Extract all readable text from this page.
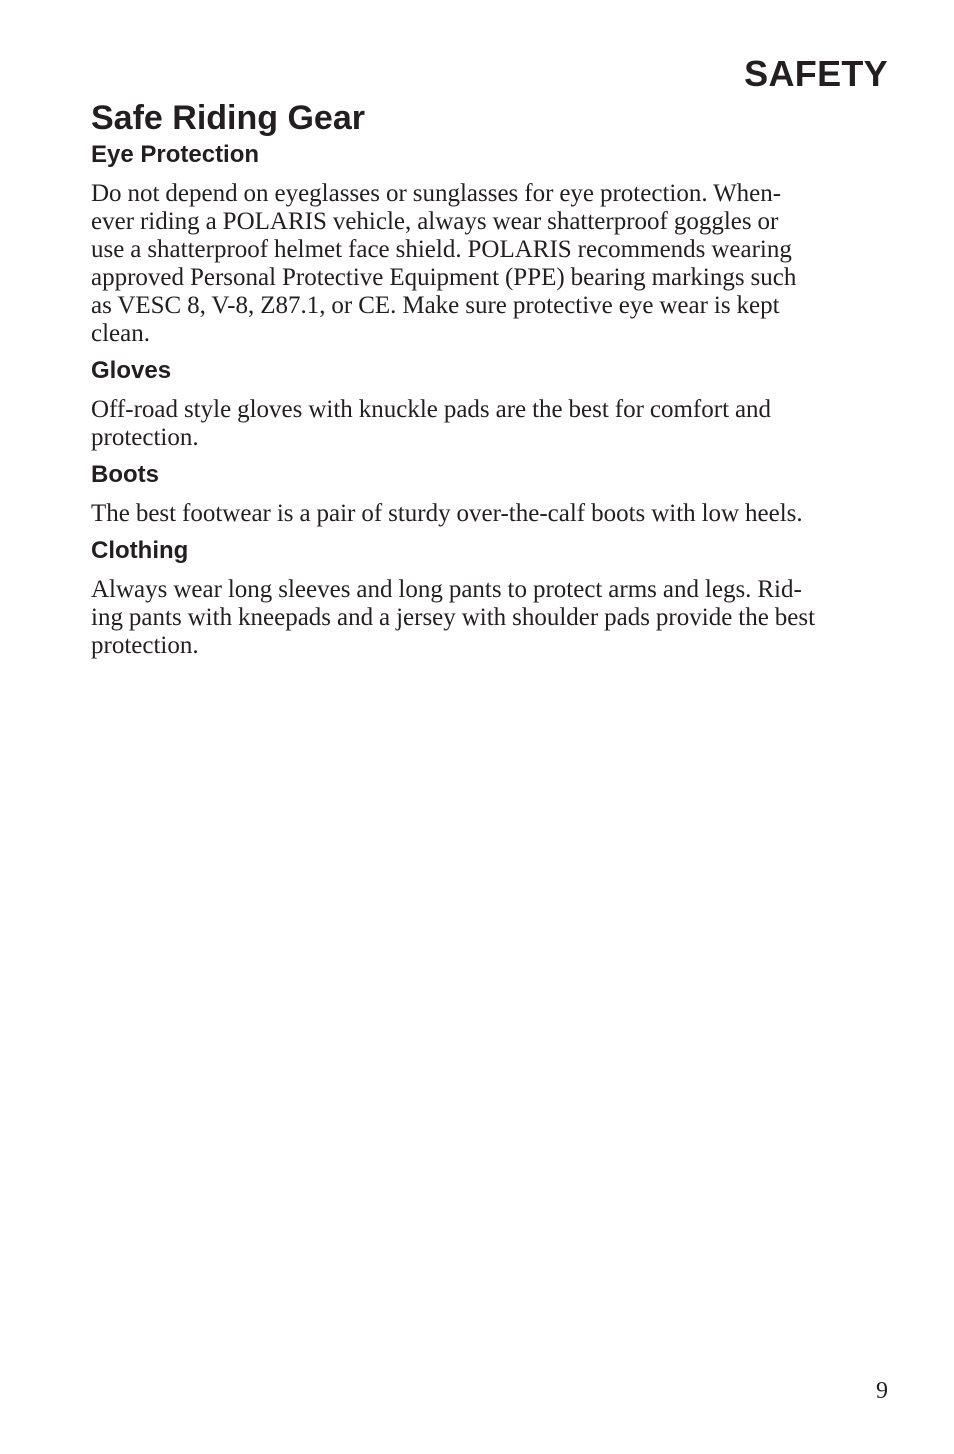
SAFETY
Safe Riding Gear
Eye Protection

Do not depend on eyeglasses or sunglasses for eye protection. When-
ever riding a POLARIS vehicle, always wear shatterproof goggles or
use a shatterproof helmet face shield. POLARIS recommends wearing
approved Personal Protective Equipment (PPE) bearing markings such
as VESC 8, V-8, Z87.1, or CE. Make sure protective eye wear is kept
clean.

Gloves

Off-road style gloves with knuckle pads are the best for comfort and
protection.

Boots

The best footwear is a pair of sturdy over-the-calf boots with low heels.

Clothing

Always wear long sleeves and long pants to protect arms and legs. Rid-
ing pants with kneepads and a jersey with shoulder pads provide the best
protection.

9
